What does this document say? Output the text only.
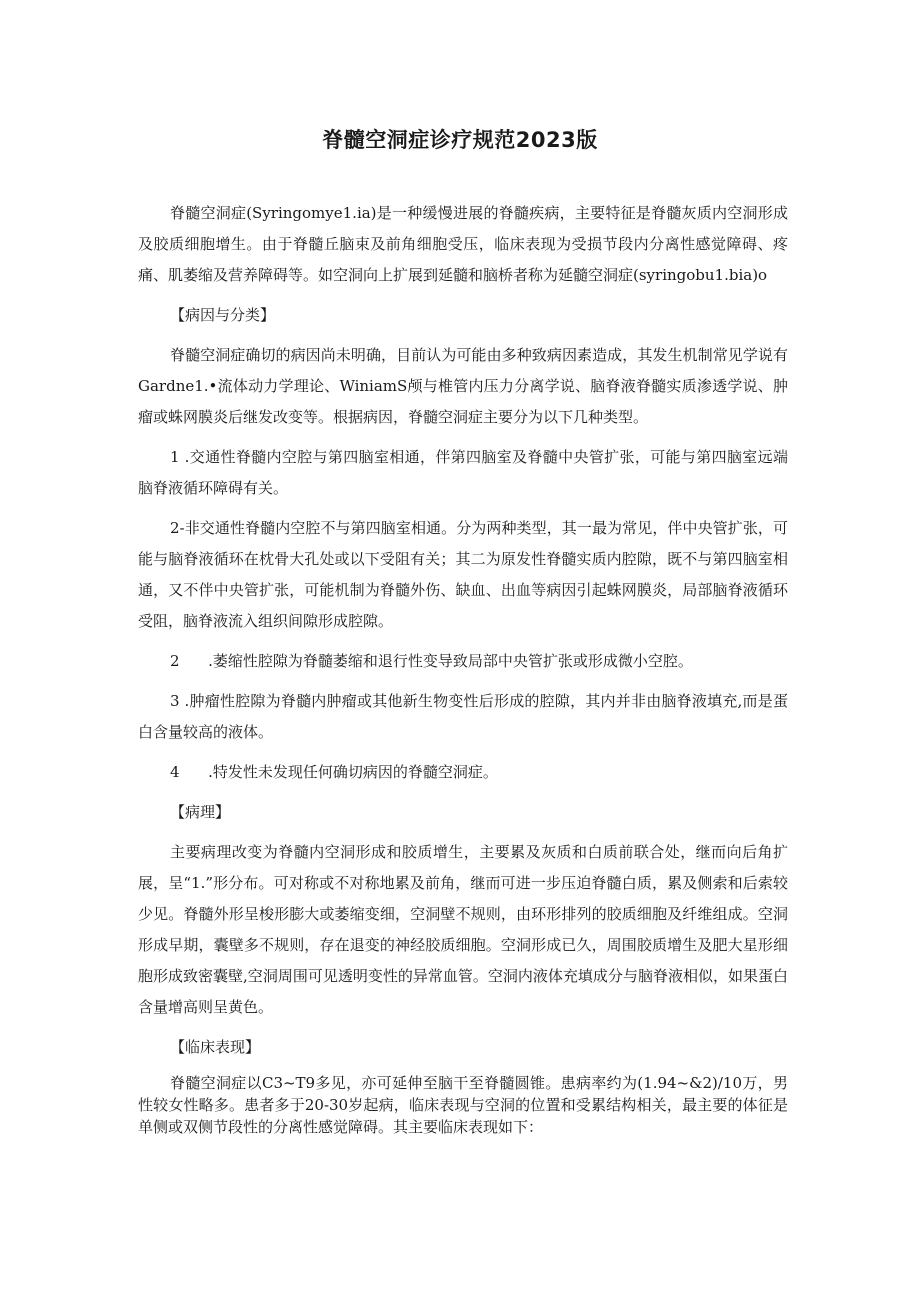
脊髓空洞症诊疗规范2023版

脊髓空洞症(Syringomye1.ia)是一种缓慢进展的脊髓疾病，主要特征是脊髓灰质内空洞形成及胶质细胞增生。由于脊髓丘脑束及前角细胞受压，临床表现为受损节段内分离性感觉障碍、疼痛、肌萎缩及营养障碍等。如空洞向上扩展到延髓和脑桥者称为延髓空洞症(syringobu1.bia)o

【病因与分类】

脊髓空洞症确切的病因尚未明确，目前认为可能由多种致病因素造成，其发生机制常见学说有Gardne1.•流体动力学理论、WiniamS颅与椎管内压力分离学说、脑脊液脊髓实质渗透学说、肿瘤或蛛网膜炎后继发改变等。根据病因，脊髓空洞症主要分为以下几种类型。

1 .交通性脊髓内空腔与第四脑室相通，伴第四脑室及脊髓中央管扩张，可能与第四脑室远端脑脊液循环障碍有关。

2-非交通性脊髓内空腔不与第四脑室相通。分为两种类型，其一最为常见，伴中央管扩张，可能与脑脊液循环在枕骨大孔处或以下受阻有关；其二为原发性脊髓实质内腔隙，既不与第四脑室相通，又不伴中央管扩张，可能机制为脊髓外伤、缺血、出血等病因引起蛛网膜炎，局部脑脊液循环受阻，脑脊液流入组织间隙形成腔隙。

2 .萎缩性腔隙为脊髓萎缩和退行性变导致局部中央管扩张或形成微小空腔。

3 .肿瘤性腔隙为脊髓内肿瘤或其他新生物变性后形成的腔隙，其内并非由脑脊液填充,而是蛋白含量较高的液体。

4 .特发性未发现任何确切病因的脊髓空洞症。

【病理】

主要病理改变为脊髓内空洞形成和胶质增生，主要累及灰质和白质前联合处，继而向后角扩展，呈“1.”形分布。可对称或不对称地累及前角，继而可进一步压迫脊髓白质，累及侧索和后索较少见。脊髓外形呈梭形膨大或萎缩变细，空洞壁不规则，由环形排列的胶质细胞及纤维组成。空洞形成早期，囊壁多不规则，存在退变的神经胶质细胞。空洞形成已久，周围胶质增生及肥大星形细胞形成致密囊壁,空洞周围可见透明变性的异常血管。空洞内液体充填成分与脑脊液相似，如果蛋白含量增高则呈黄色。

【临床表现】

脊髓空洞症以C3~T9多见，亦可延伸至脑干至脊髓圆锥。患病率约为(1.94~&2)/10万，男性较女性略多。患者多于20-30岁起病，临床表现与空洞的位置和受累结构相关，最主要的体征是单侧或双侧节段性的分离性感觉障碍。其主要临床表现如下：
